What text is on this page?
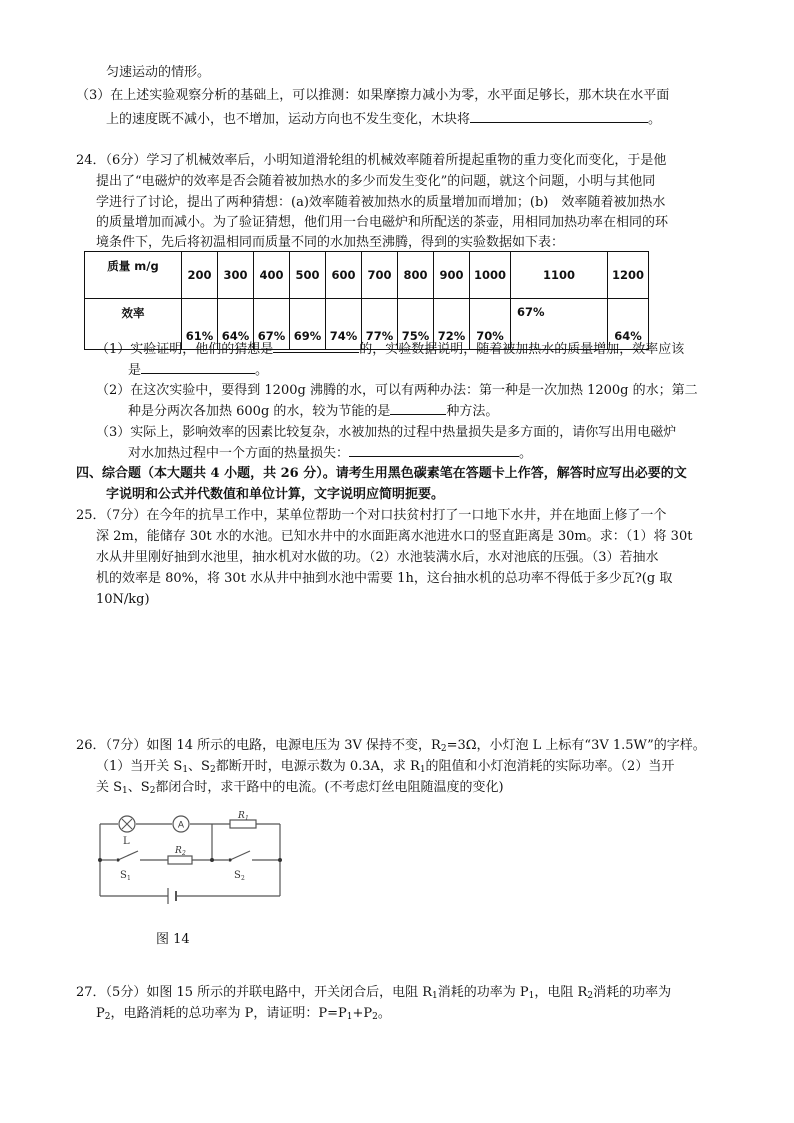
匀速运动的情形。
（3）在上述实验观察分析的基础上，可以推测：如果摩擦力减小为零，水平面足够长，那木块在水平面
上的速度既不减小，也不增加，运动方向也不发生变化，木块将	。
24．（6分）学习了机械效率后，小明知道滑轮组的机械效率随着所提起重物的重力变化而变化，于是他
提出了“电磁炉的效率是否会随着被加热水的多少而发生变化”的问题，就这个问题，小明与其他同
学进行了讨论，提出了两种猜想：(a)效率随着被加热水的质量增加而增加；(b)　效率随着被加热水
的质量增加而减小。为了验证猜想，他们用一台电磁炉和所配送的茶壶，用相同加热功率在相同的环
境条件下，先后将初温相同而质量不同的水加热至沸腾，得到的实验数据如下表：
质量 m/g	200	300	400	500	600	700	800	900	1000	1100	1200
效率	61%	64%	67%	69%	74%	77%	75%	72%	70%	67%	64%
（1）实验证明，他们的猜想是	的，实验数据说明，随着被加热水的质量增加，效率应该
是	。
（2）在这次实验中，要得到 1200g 沸腾的水，可以有两种办法：第一种是一次加热 1200g 的水；第二
种是分两次各加热 600g 的水，较为节能的是	种方法。
（3）实际上，影响效率的因素比较复杂，水被加热的过程中热量损失是多方面的，请你写出用电磁炉
对水加热过程中一个方面的热量损失：	。
四、综合题（本大题共 4 小题，共 26 分）。请考生用黑色碳素笔在答题卡上作答，解答时应写出必要的文
字说明和公式并代数值和单位计算，文字说明应简明扼要。
25．（7分）在今年的抗旱工作中，某单位帮助一个对口扶贫村打了一口地下水井，并在地面上修了一个
深 2m，能储存 30t 水的水池。已知水井中的水面距离水池进水口的竖直距离是 30m。求：（1）将 30t
水从井里刚好抽到水池里，抽水机对水做的功。（2）水池装满水后，水对池底的压强。（3）若抽水
机的效率是 80%，将 30t 水从井中抽到水池中需要 1h，这台抽水机的总功率不得低于多少瓦?(g 取
10N/kg)
26．（7分）如图 14 所示的电路，电源电压为 3V 保持不变，$R_2=3\Omega$，小灯泡 L 上标有“3V 1.5W”的字样。
（1）当开关 $S_1$、$S_2$都断开时，电源示数为 0.3A，求 $R_1$的阻值和小灯泡消耗的实际功率。（2）当开
关 $S_1$、$S_2$都闭合时，求干路中的电流。(不考虑灯丝电阻随温度的变化)
A
L
R 1
R 2
S 1	S 2
图 14
27．（5分）如图 15 所示的并联电路中，开关闭合后，电阻 $R_1$消耗的功率为 $P_1$，电阻 $R_2$消耗的功率为
$P_2$，电路消耗的总功率为 P，请证明：$P=P_1+P_2$。
